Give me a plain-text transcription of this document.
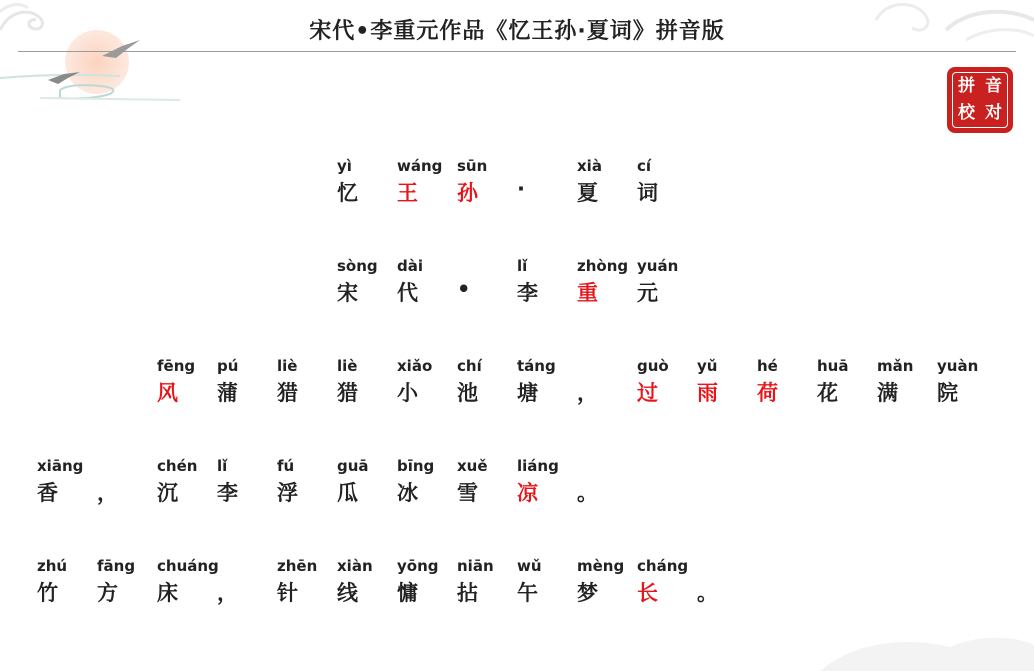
宋代•李重元作品《忆王孙·夏词》拼音版
拼 音
校 对
yì
忆
wáng
王
sūn
孙 ·
xià
夏
cí
词
sòng
宋
dài
代 •
lǐ
李
zhòng
重
yuán
元
fēng
风
pú
蒲
liè
猎
liè
猎
xiǎo
小
chí
池
táng
塘 ，
guò
过
yǔ
雨
hé
荷
huā
花
mǎn
满
yuàn
院
xiāng
香 ，
chén
沉
lǐ
李
fú
浮
guā
瓜
bīng
冰
xuě
雪
liáng
凉 。
zhú
竹
fāng
方
chuáng
床 ，
zhēn
针
xiàn
线
yōng
慵
niān
拈
wǔ
午
mèng
梦
cháng
长 。
